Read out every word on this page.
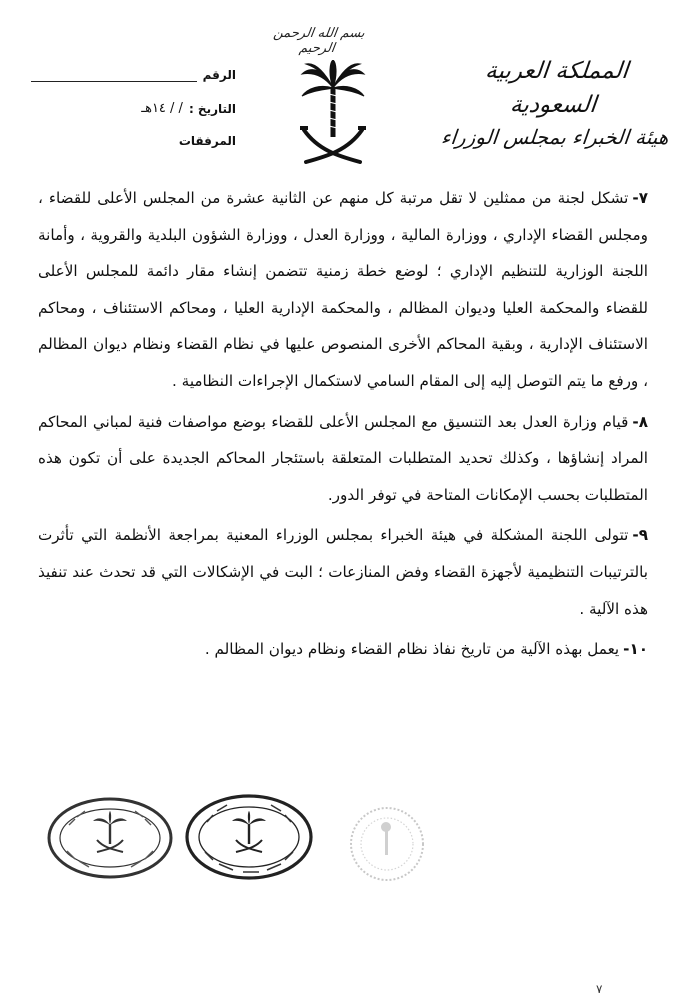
بسم الله الرحمن الرحيم
المملكة العربية السعودية
هيئة الخبراء بمجلس الوزراء
الرقم
التاريخ :
/ / ١٤هـ
المرفقات

٧-تشكل لجنة من ممثلين لا تقل مرتبة كل منهم عن الثانية عشرة من المجلس الأعلى للقضاء ، ومجلس القضاء الإداري ، ووزارة المالية ، ووزارة العدل ، ووزارة الشؤون البلدية والقروية ، وأمانة اللجنة الوزارية للتنظيم الإداري ؛ لوضع خطة زمنية تتضمن إنشاء مقار دائمة للمجلس الأعلى للقضاء والمحكمة العليا وديوان المظالم ، والمحكمة الإدارية العليا ، ومحاكم الاستئناف ، ومحاكم الاستئناف الإدارية ، وبقية المحاكم الأخرى المنصوص عليها في نظام القضاء ونظام ديوان المظالم ، ورفع ما يتم التوصل إليه إلى المقام السامي لاستكمال الإجراءات النظامية .

٨-قيام وزارة العدل بعد التنسيق مع المجلس الأعلى للقضاء بوضع مواصفات فنية لمباني المحاكم المراد إنشاؤها ، وكذلك تحديد المتطلبات المتعلقة باستئجار المحاكم الجديدة على أن تكون هذه المتطلبات بحسب الإمكانات المتاحة في توفر الدور.

٩-تتولى اللجنة المشكلة في هيئة الخبراء بمجلس الوزراء المعنية بمراجعة الأنظمة التي تأثرت بالترتيبات التنظيمية لأجهزة القضاء وفض المنازعات ؛ البت في الإشكالات التي قد تحدث عند تنفيذ هذه الآلية .

١٠-يعمل بهذه الآلية من تاريخ نفاذ نظام القضاء ونظام ديوان المظالم .

٧
